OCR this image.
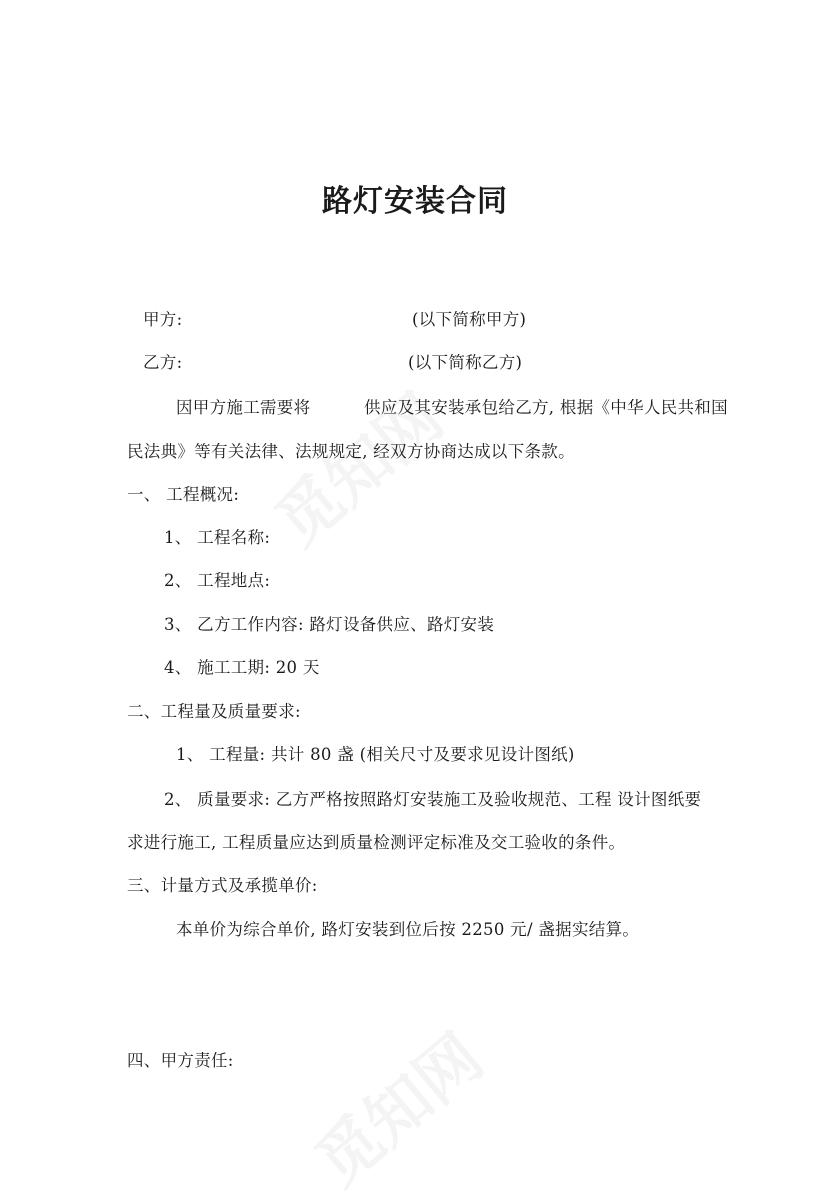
路灯安装合同
甲方:	(以下简称甲方)
乙方:	(以下简称乙方)
因甲方施工需要将	供应及其安装承包给乙方, 根据《中华人民共和国
民法典》等有关法律、法规规定, 经双方协商达成以下条款。
一、 工程概况:
1、 工程名称:
2、 工程地点:
3、 乙方工作内容: 路灯设备供应、路灯安装
4、 施工工期: 20 天
二、工程量及质量要求:
1、 工程量: 共计 80 盏 (相关尺寸及要求见设计图纸)
2、 质量要求: 乙方严格按照路灯安装施工及验收规范、工程 设计图纸要
求进行施工, 工程质量应达到质量检测评定标准及交工验收的条件。
三、计量方式及承揽单价:
本单价为综合单价, 路灯安装到位后按 2250 元/ 盏据实结算。
四、甲方责任:
